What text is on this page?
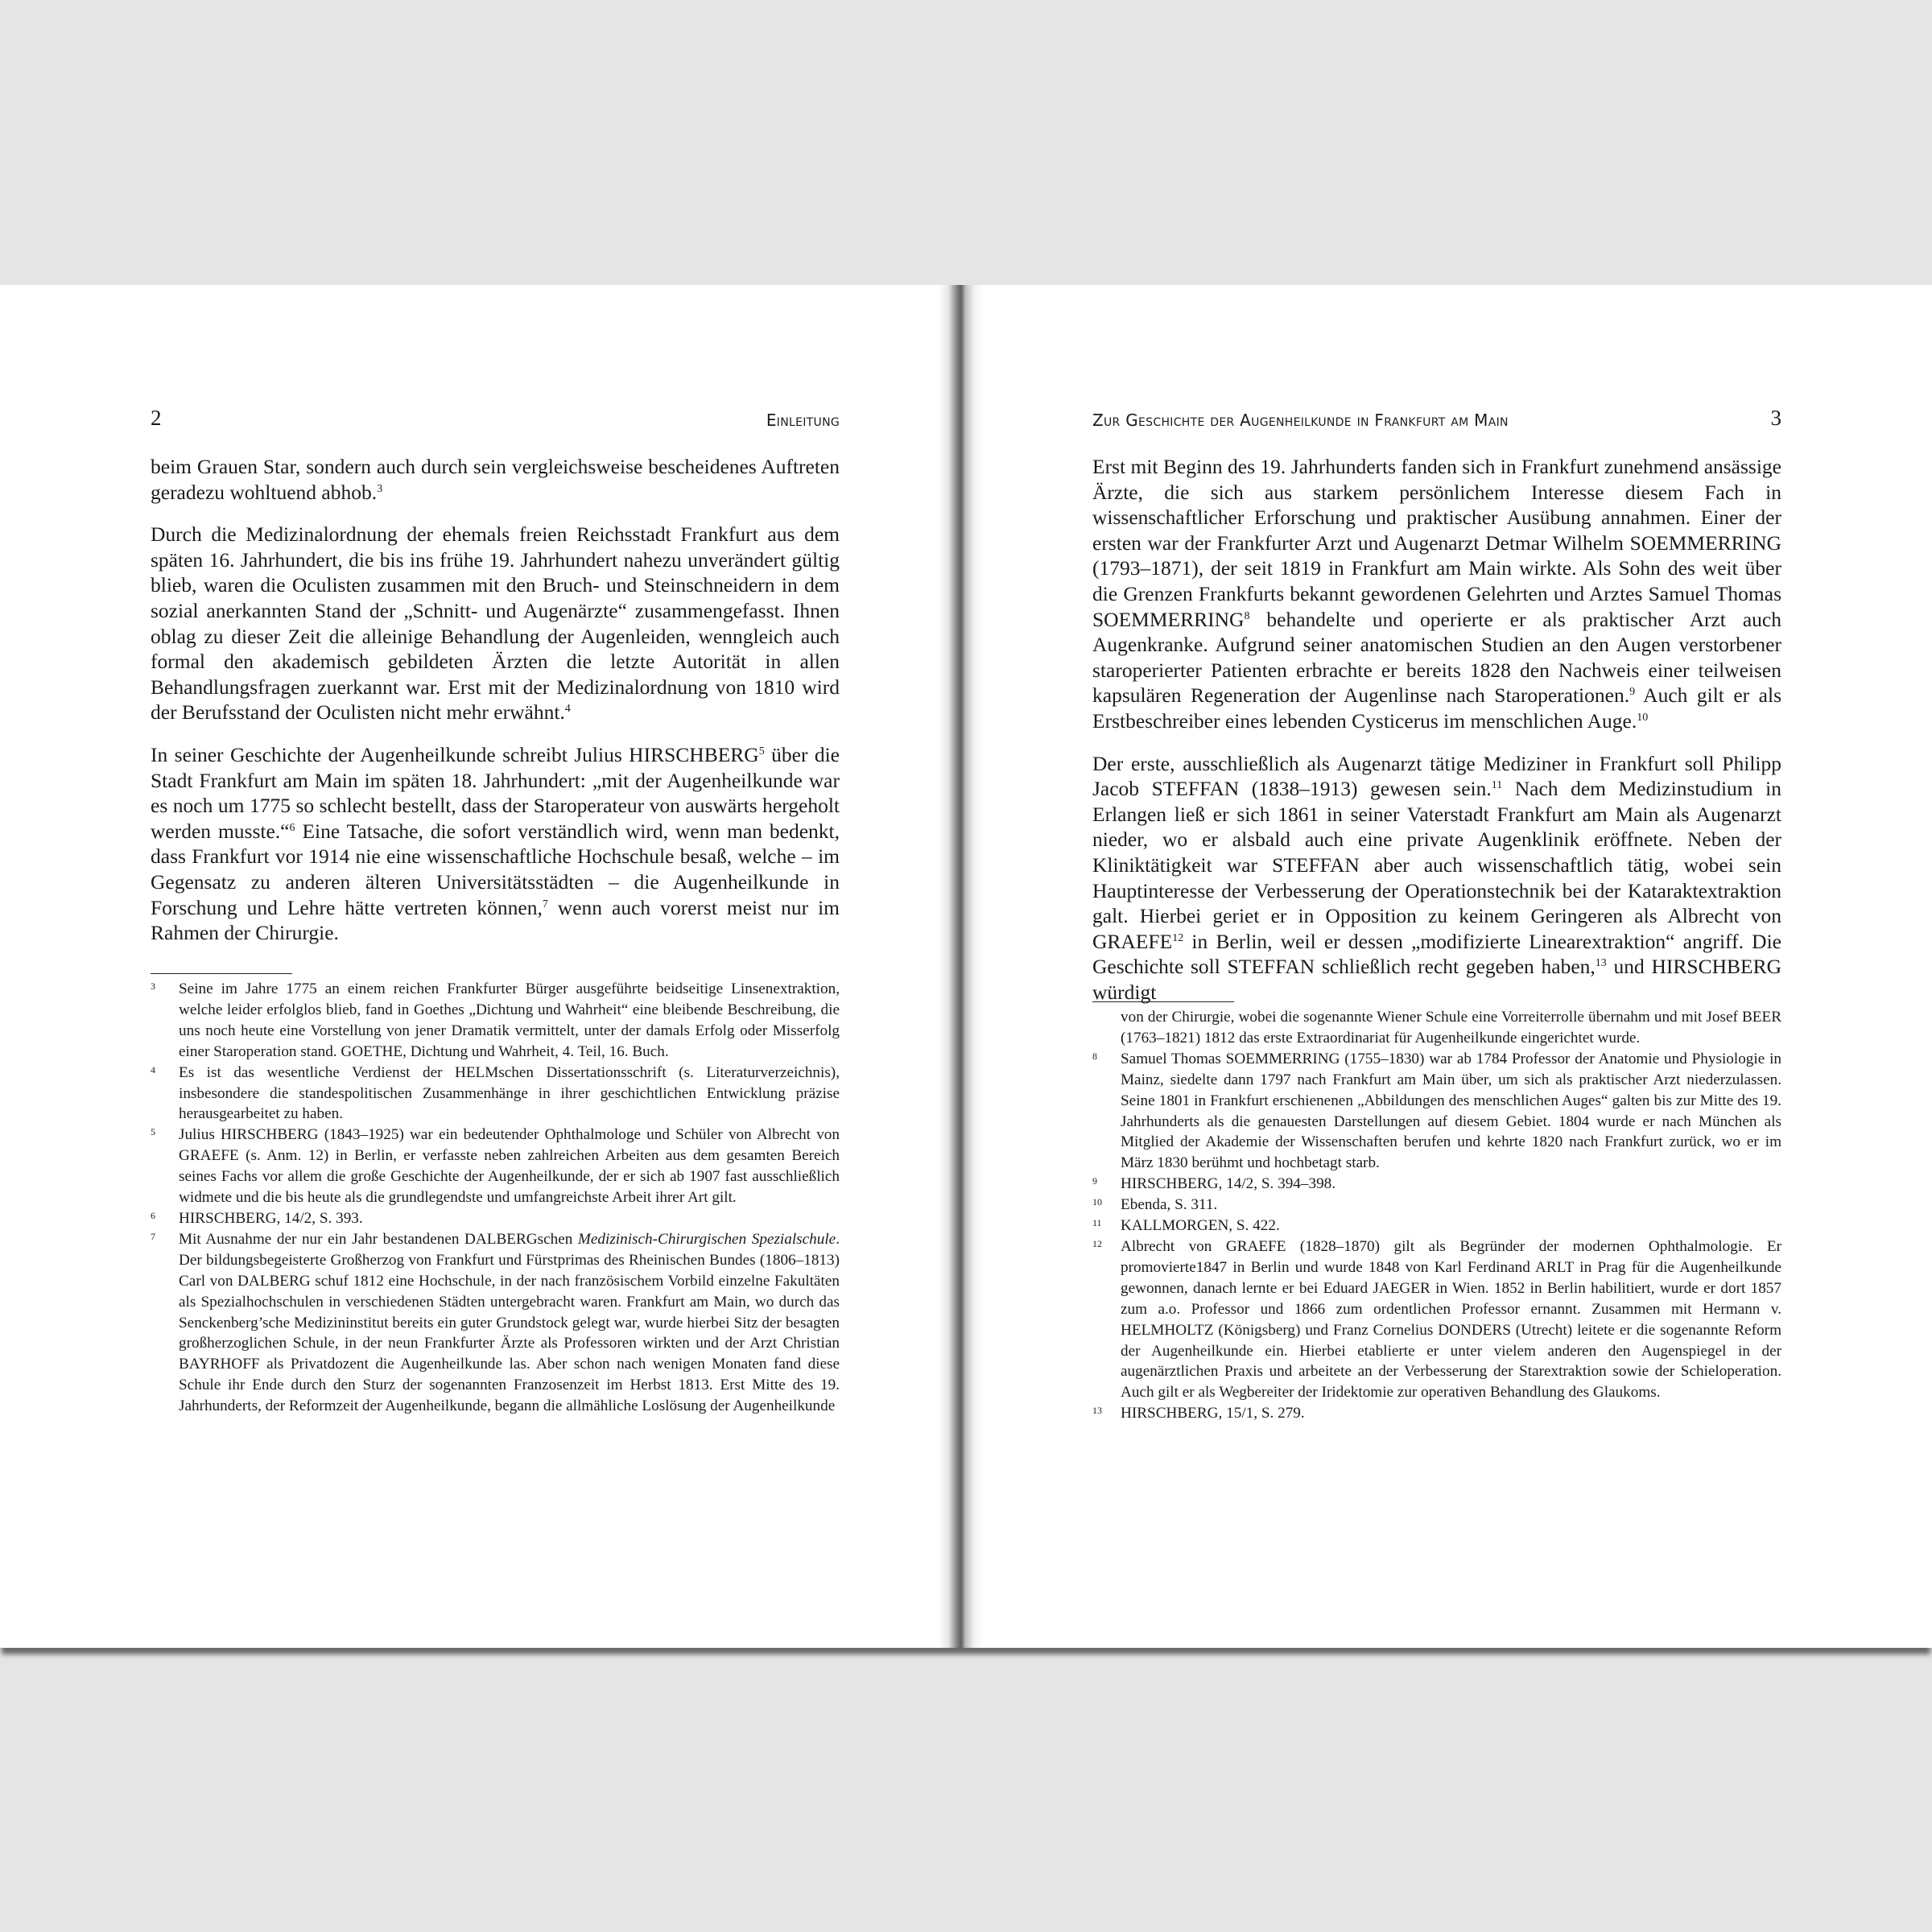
2	Einleitung

beim Grauen Star, sondern auch durch sein vergleichsweise bescheidenes Auftreten geradezu wohltuend abhob.$^3$

Durch die Medizinalordnung der ehemals freien Reichsstadt Frankfurt aus dem späten 16. Jahrhundert, die bis ins frühe 19. Jahrhundert nahezu unverändert gültig blieb, waren die Oculisten zusammen mit den Bruch- und Steinschneidern in dem sozial anerkannten Stand der „Schnitt- und Augenärzte“ zusammengefasst. Ihnen oblag zu dieser Zeit die alleinige Behandlung der Augenleiden, wenngleich auch formal den akademisch gebildeten Ärzten die letzte Autorität in allen Behandlungsfragen zuerkannt war. Erst mit der Medizinalordnung von 1810 wird der Berufsstand der Oculisten nicht mehr erwähnt.$^4$

In seiner Geschichte der Augenheilkunde schreibt Julius HIRSCHBERG$^5$ über die Stadt Frankfurt am Main im späten 18. Jahrhundert: „mit der Augenheilkunde war es noch um 1775 so schlecht bestellt, dass der Staroperateur von auswärts hergeholt werden musste.“$^6$ Eine Tatsache, die sofort verständlich wird, wenn man bedenkt, dass Frankfurt vor 1914 nie eine wissenschaftliche Hochschule besaß, welche – im Gegensatz zu anderen älteren Universitätsstädten – die Augenheilkunde in Forschung und Lehre hätte vertreten können,$^7$ wenn auch vorerst meist nur im Rahmen der Chirurgie.

3 Seine im Jahre 1775 an einem reichen Frankfurter Bürger ausgeführte beidseitige Linsenextraktion, welche leider erfolglos blieb, fand in Goethes „Dichtung und Wahrheit“ eine bleibende Beschreibung, die uns noch heute eine Vorstellung von jener Dramatik vermittelt, unter der damals Erfolg oder Misserfolg einer Staroperation stand. GOETHE, Dichtung und Wahrheit, 4. Teil, 16. Buch.
4 Es ist das wesentliche Verdienst der HELMschen Dissertationsschrift (s. Literaturverzeichnis), insbesondere die standespolitischen Zusammenhänge in ihrer geschichtlichen Entwicklung präzise herausgearbeitet zu haben.
5 Julius HIRSCHBERG (1843–1925) war ein bedeutender Ophthalmologe und Schüler von Albrecht von GRAEFE (s. Anm. 12) in Berlin, er verfasste neben zahlreichen Arbeiten aus dem gesamten Bereich seines Fachs vor allem die große Geschichte der Augenheilkunde, der er sich ab 1907 fast ausschließlich widmete und die bis heute als die grundlegendste und umfangreichste Arbeit ihrer Art gilt.
6 HIRSCHBERG, 14/2, S. 393.
7 Mit Ausnahme der nur ein Jahr bestandenen DALBERGschen Medizinisch-Chirurgischen Spezialschule. Der bildungsbegeisterte Großherzog von Frankfurt und Fürstprimas des Rheinischen Bundes (1806–1813) Carl von DALBERG schuf 1812 eine Hochschule, in der nach französischem Vorbild einzelne Fakultäten als Spezialhochschulen in verschiedenen Städten untergebracht waren. Frankfurt am Main, wo durch das Senckenberg’sche Medizininstitut bereits ein guter Grundstock gelegt war, wurde hierbei Sitz der besagten großherzoglichen Schule, in der neun Frankfurter Ärzte als Professoren wirkten und der Arzt Christian BAYRHOFF als Privatdozent die Augenheilkunde las. Aber schon nach wenigen Monaten fand diese Schule ihr Ende durch den Sturz der sogenannten Franzosenzeit im Herbst 1813. Erst Mitte des 19. Jahrhunderts, der Reformzeit der Augenheilkunde, begann die allmähliche Loslösung der Augenheilkunde
Zur Geschichte der Augenheilkunde in Frankfurt am Main	3

Erst mit Beginn des 19. Jahrhunderts fanden sich in Frankfurt zunehmend ansässige Ärzte, die sich aus starkem persönlichem Interesse diesem Fach in wissenschaftlicher Erforschung und praktischer Ausübung annahmen. Einer der ersten war der Frankfurter Arzt und Augenarzt Detmar Wilhelm SOEMMERRING (1793–1871), der seit 1819 in Frankfurt am Main wirkte. Als Sohn des weit über die Grenzen Frankfurts bekannt gewordenen Gelehrten und Arztes Samuel Thomas SOEMMERRING$^8$ behandelte und operierte er als praktischer Arzt auch Augenkranke. Aufgrund seiner anatomischen Studien an den Augen verstorbener staroperierter Patienten erbrachte er bereits 1828 den Nachweis einer teilweisen kapsulären Regeneration der Augenlinse nach Staroperationen.$^9$ Auch gilt er als Erstbeschreiber eines lebenden Cysticerus im menschlichen Auge.$^{10}$

Der erste, ausschließlich als Augenarzt tätige Mediziner in Frankfurt soll Philipp Jacob STEFFAN (1838–1913) gewesen sein.$^{11}$ Nach dem Medizinstudium in Erlangen ließ er sich 1861 in seiner Vaterstadt Frankfurt am Main als Augenarzt nieder, wo er alsbald auch eine private Augenklinik eröffnete. Neben der Kliniktätigkeit war STEFFAN aber auch wissenschaftlich tätig, wobei sein Hauptinteresse der Verbesserung der Operationstechnik bei der Kataraktextraktion galt. Hierbei geriet er in Opposition zu keinem Geringeren als Albrecht von GRAEFE$^{12}$ in Berlin, weil er dessen „modifizierte Linearextraktion“ angriff. Die Geschichte soll STEFFAN schließlich recht gegeben haben,$^{13}$ und HIRSCHBERG würdigt

von der Chirurgie, wobei die sogenannte Wiener Schule eine Vorreiterrolle übernahm und mit Josef BEER (1763–1821) 1812 das erste Extraordinariat für Augenheilkunde eingerichtet wurde.
8 Samuel Thomas SOEMMERRING (1755–1830) war ab 1784 Professor der Anatomie und Physiologie in Mainz, siedelte dann 1797 nach Frankfurt am Main über, um sich als praktischer Arzt niederzulassen. Seine 1801 in Frankfurt erschienenen „Abbildungen des menschlichen Auges“ galten bis zur Mitte des 19. Jahrhunderts als die genauesten Darstellungen auf diesem Gebiet. 1804 wurde er nach München als Mitglied der Akademie der Wissenschaften berufen und kehrte 1820 nach Frankfurt zurück, wo er im März 1830 berühmt und hochbetagt starb.
9 HIRSCHBERG, 14/2, S. 394–398.
10 Ebenda, S. 311.
11 KALLMORGEN, S. 422.
12 Albrecht von GRAEFE (1828–1870) gilt als Begründer der modernen Ophthalmologie. Er promovierte1847 in Berlin und wurde 1848 von Karl Ferdinand ARLT in Prag für die Augenheilkunde gewonnen, danach lernte er bei Eduard JAEGER in Wien. 1852 in Berlin habilitiert, wurde er dort 1857 zum a.o. Professor und 1866 zum ordentlichen Professor ernannt. Zusammen mit Hermann v. HELMHOLTZ (Königsberg) und Franz Cornelius DONDERS (Utrecht) leitete er die sogenannte Reform der Augenheilkunde ein. Hierbei etablierte er unter vielem anderen den Augenspiegel in der augenärztlichen Praxis und arbeitete an der Verbesserung der Starextraktion sowie der Schieloperation. Auch gilt er als Wegbereiter der Iridektomie zur operativen Behandlung des Glaukoms.
13 HIRSCHBERG, 15/1, S. 279.
